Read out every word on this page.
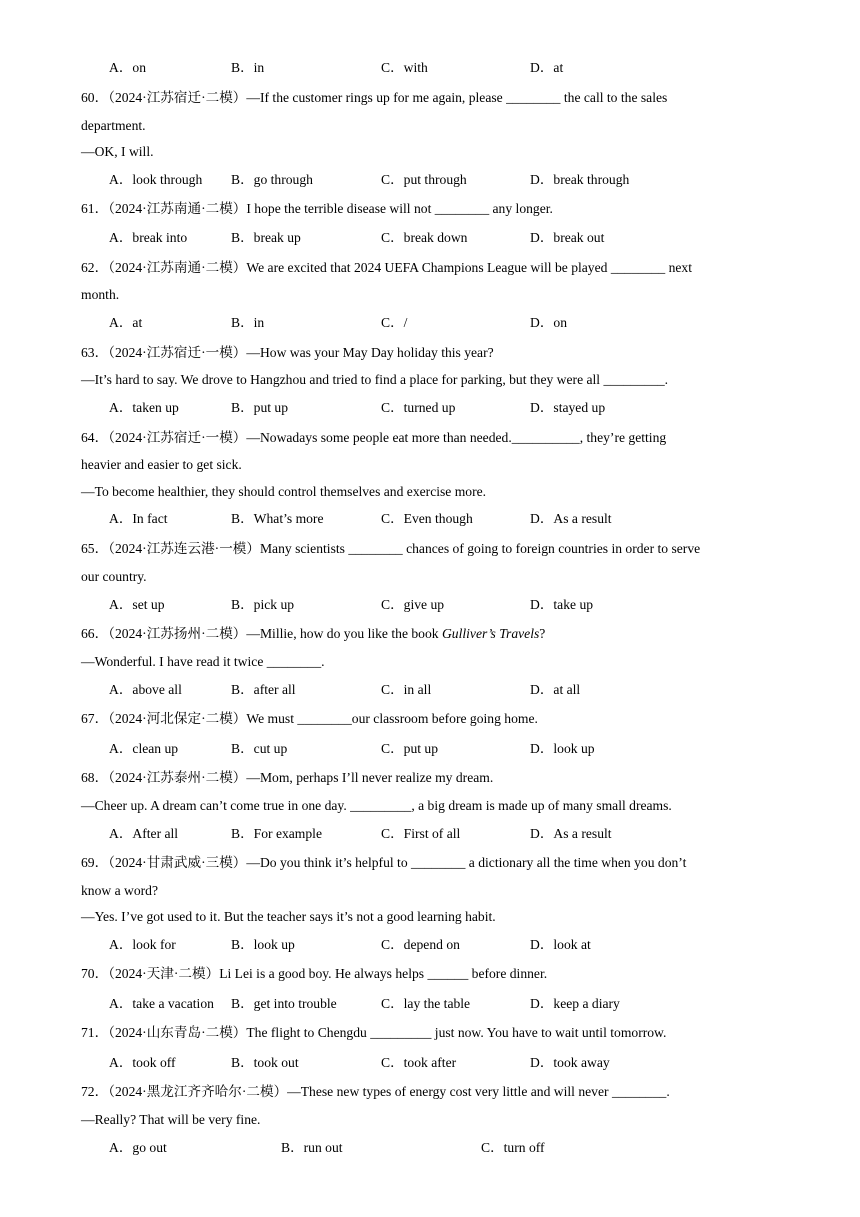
A．on	B．in	C．with	D．at
60．（2024·江苏宿迁·二模）—If the customer rings up for me again, please ________ the call to the sales
department.
—OK, I will.
A．look through B．go through	C．put through	D．break through
61．（2024·江苏南通·二模）I hope the terrible disease will not ________ any longer.
A．break into	B．break up	C．break down	D．break out
62．（2024·江苏南通·二模）We are excited that 2024 UEFA Champions League will be played ________ next
month.
A．at	B．in	C．/	D．on
63．（2024·江苏宿迁·一模）—How was your May Day holiday this year?
—It’s hard to say. We drove to Hangzhou and tried to find a place for parking, but they were all _________.
A．taken up	B．put up	C．turned up	D．stayed up
64．（2024·江苏宿迁·一模）—Nowadays some people eat more than needed.__________, they’re getting
heavier and easier to get sick.
—To become healthier, they should control themselves and exercise more.
A．In fact	B．What’s more	C．Even though	D．As a result
65．（2024·江苏连云港·一模）Many scientists ________ chances of going to foreign countries in order to serve
our country.
A．set up	B．pick up	C．give up	D．take up
66．（2024·江苏扬州·二模）—Millie, how do you like the book Gulliver’s Travels?
—Wonderful. I have read it twice ________.
A．above all	B．after all	C．in all	D．at all
67．（2024·河北保定·二模）We must ________our classroom before going home.
A．clean up	B．cut up	C．put up	D．look up
68．（2024·江苏泰州·二模）—Mom, perhaps I’ll never realize my dream.
—Cheer up. A dream can’t come true in one day. _________, a big dream is made up of many small dreams.
A．After all	B．For example	C．First of all	D．As a result
69．（2024·甘肃武威·三模）—Do you think it’s helpful to ________ a dictionary all the time when you don’t
know a word?
—Yes. I’ve got used to it. But the teacher says it’s not a good learning habit.
A．look for	B．look up	C．depend on	D．look at
70．（2024·天津·二模）Li Lei is a good boy. He always helps ______ before dinner.
A．take a vacation B．get into trouble	C．lay the table	D．keep a diary
71．（2024·山东青岛·二模）The flight to Chengdu _________ just now. You have to wait until tomorrow.
A．took off	B．took out	C．took after	D．took away
72．（2024·黑龙江齐齐哈尔·二模）—These new types of energy cost very little and will never ________.
—Really? That will be very fine.
A．go out	B．run out	C．turn off
